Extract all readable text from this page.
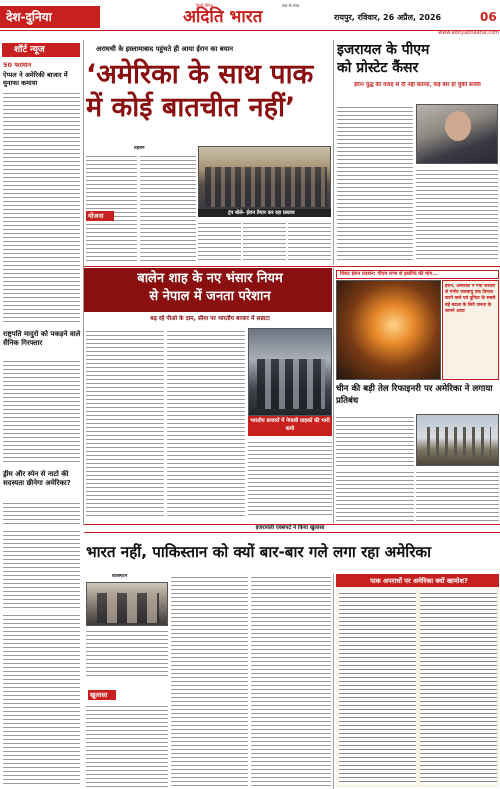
देश-दुनिया
हिन्दी दैनिक
अदिति भारत
सच के साथ
रायपुर, रविवार, 26 अप्रैल, 2026	06
www.adityabhaarat.com
शॉर्ट न्यूज
50 फरमान
ऐप्पल ने अमेरिकी बाजार में मुनाफा कमाया
राष्ट्रपति मादुरो को पकड़ने वाले सैनिक गिरफ्तार
ड्रीम और स्पेन से नाटो की सदस्यता छीनेगा अमेरिका?
अराघची के इस्लामाबाद पहुंचते ही आया ईरान का बयान
‘अमेरिका के साथ पाक
में कोई बातचीत नहीं’
तेहरान
योजना	ट्रंप बोले- ईरान तैयार कर रहा प्रस्ताव
इजरायल के पीएम
को प्रोस्टेट कैंसर
ईरान युद्ध की वजह से दी नहीं बताया, कई बार हो चुकी सर्जरी
बालेन शाह के नए भंसार नियम
से नेपाल में जनता परेशान
बढ़ रहे पीओ के दाम, सीमा पर भारतीय बाजार में सन्नाटा
भारतीय बाजारों में नेपाली ग्राहकों की भारी कमी
विराट ईरान प्रदर्शन: पीएम राणा से इस्तीफे की मांग...
ईरान, अमेरिका ने गया फरवरी से गंभीर जलवायु एक विनाश करने वाले एवं दुनिया के सबसे बड़े बदला के लिये जनता के सामने आया
चीन की बड़ी तेल रिफाइनरी पर अमेरिका ने लगाया प्रतिबंध
इजरायली एक्सपर्ट ने किया खुलासा
भारत नहीं, पाकिस्तान को क्यों बार-बार गले लगा रहा अमेरिका
वॉशिंगटन
खुलासा
पाक अपराधों पर अमेरिका क्यों खामोश?
